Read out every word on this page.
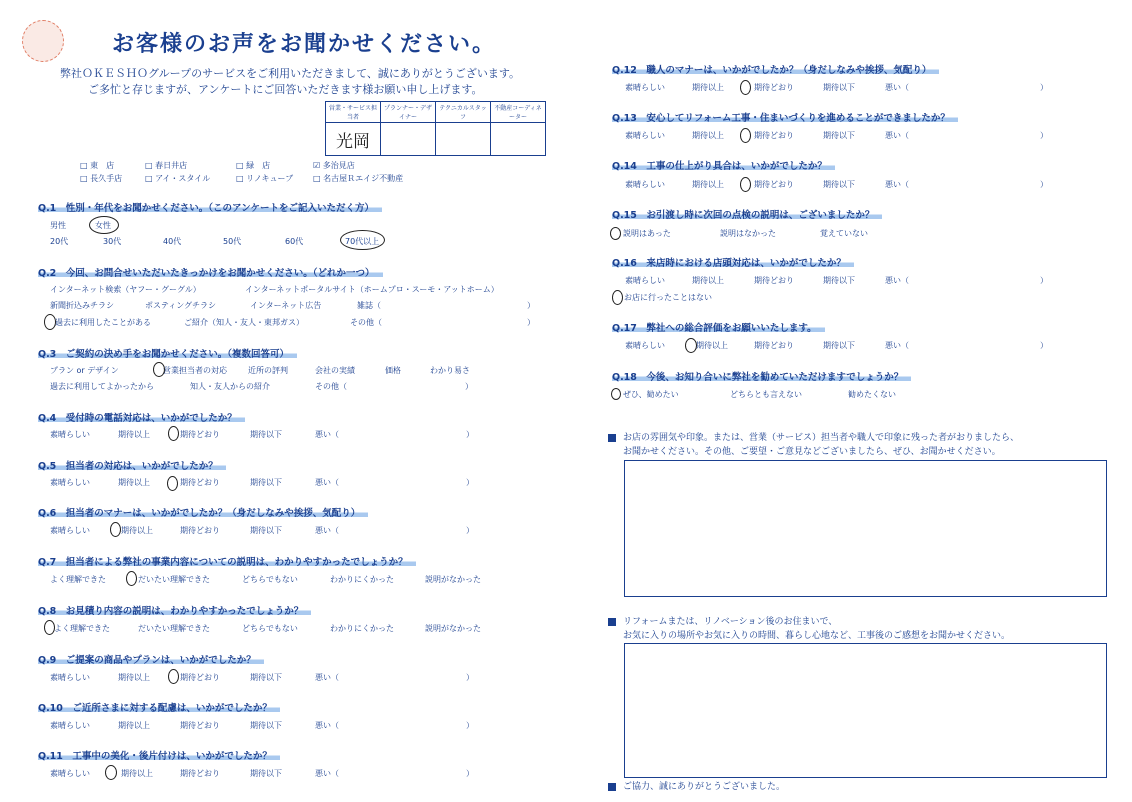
お客様のお声をお聞かせください。
弊社ＯＫＥＳＨＯグループのサービスをご利用いただきまして、誠にありがとうございます。
ご多忙と存じますが、アンケートにご回答いただきます様お願い申し上げます。
営業・サービス担当者	プランナー・デザイナー	テクニカルスタッフ	不動産コーディネーター
光岡			
□ 東　店	□ 春日井店	□ 緑　店	☑ 多治見店
□ 長久手店	□ アイ・スタイル	□ リノキューブ □ 名古屋Ｒエイジ不動産
Q.1　性別・年代をお聞かせください。（このアンケートをご記入いただく方）
男性	女性
20代	30代	40代	50代	60代	70代以上
Q.2　今回、お問合せいただいたきっかけをお聞かせください。（どれか一つ）
インターネット検索（ヤフー・グーグル）	インターネットポータルサイト（ホームプロ・スーモ・アットホーム）
新聞折込みチラシ	ポスティングチラシ	インターネット広告	雑誌（	）
過去に利用したことがある	ご紹介（知人・友人・東邦ガス）	その他（	）
Q.3　ご契約の決め手をお聞かせください。（複数回答可）
プラン or デザイン	営業担当者の対応	近所の評判	会社の実績	価格	わかり易さ
過去に利用してよかったから	知人・友人からの紹介	その他（	）
Q.4　受付時の電話対応は、いかがでしたか？
素晴らしい	期待以上	期待どおり	期待以下	悪い（	）
Q.5　担当者の対応は、いかがでしたか？
素晴らしい	期待以上	期待どおり	期待以下	悪い（	）
Q.6　担当者のマナーは、いかがでしたか？（身だしなみや挨拶、気配り）
素晴らしい	期待以上	期待どおり	期待以下	悪い（	）
Q.7　担当者による弊社の事業内容についての説明は、わかりやすかったでしょうか？
よく理解できた	だいたい理解できた	どちらでもない	わかりにくかった	説明がなかった
Q.8　お見積り内容の説明は、わかりやすかったでしょうか？
よく理解できた	だいたい理解できた	どちらでもない	わかりにくかった	説明がなかった
Q.9　ご提案の商品やプランは、いかがでしたか？
素晴らしい	期待以上	期待どおり	期待以下	悪い（	）
Q.10　ご近所さまに対する配慮は、いかがでしたか？
素晴らしい	期待以上	期待どおり	期待以下	悪い（	）
Q.11　工事中の美化・後片付けは、いかがでしたか？
素晴らしい	期待以上	期待どおり	期待以下	悪い（	）
Q.12　職人のマナーは、いかがでしたか？（身だしなみや挨拶、気配り）
素晴らしい	期待以上	期待どおり	期待以下	悪い（	）
Q.13　安心してリフォーム工事・住まいづくりを進めることができましたか？
素晴らしい	期待以上	期待どおり	期待以下	悪い（	）
Q.14　工事の仕上がり具合は、いかがでしたか？
素晴らしい	期待以上	期待どおり	期待以下	悪い（	）
Q.15　お引渡し時に次回の点検の説明は、ございましたか？
説明はあった	説明はなかった	覚えていない
Q.16　来店時における店頭対応は、いかがでしたか？
素晴らしい	期待以上	期待どおり	期待以下	悪い（	）
お店に行ったことはない
Q.17　弊社への総合評価をお願いいたします。
素晴らしい	期待以上	期待どおり	期待以下	悪い（	）
Q.18　今後、お知り合いに弊社を勧めていただけますでしょうか？
ぜひ、勧めたい	どちらとも言えない	勧めたくない
お店の雰囲気や印象。または、営業（サービス）担当者や職人で印象に残った者がおりましたら、
お聞かせください。その他、ご要望・ご意見などございましたら、ぜひ、お聞かせください。
リフォームまたは、リノベーション後のお住まいで、
お気に入りの場所やお気に入りの時間、暮らし心地など、工事後のご感想をお聞かせください。
ご協力、誠にありがとうございました。
